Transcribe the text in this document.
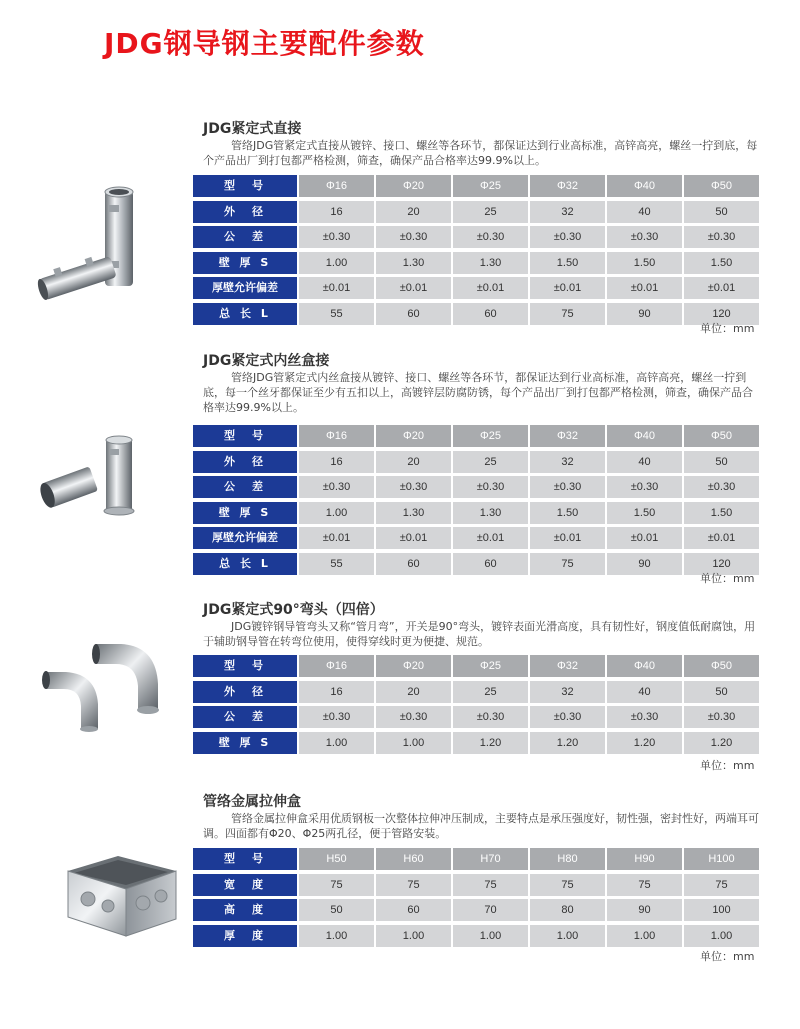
JDG钢导钢主要配件参数
JDG紧定式直接
管络JDG管紧定式直接从镀锌、接口、螺丝等各环节，都保证达到行业高标准，高锌高亮，螺丝一拧到底，每个产品出厂到打包都严格检测，筛查，确保产品合格率达99.9%以上。
型　号	Φ16	Φ20	Φ25	Φ32	Φ40	Φ50
外　径	16	20	25	32	40	50
公　差	±0.30	±0.30	±0.30	±0.30	±0.30	±0.30
壁 厚 S	1.00	1.30	1.30	1.50	1.50	1.50
厚壁允许偏差	±0.01	±0.01	±0.01	±0.01	±0.01	±0.01
总 长 L	55	60	60	75	90	120
单位：mm
JDG紧定式内丝盒接
管络JDG管紧定式内丝盒接从镀锌、接口、螺丝等各环节，都保证达到行业高标准，高锌高亮，螺丝一拧到底，每一个丝牙都保证至少有五扣以上，高镀锌层防腐防锈，每个产品出厂到打包都严格检测，筛查，确保产品合格率达99.9%以上。
型　号	Φ16	Φ20	Φ25	Φ32	Φ40	Φ50
外　径	16	20	25	32	40	50
公　差	±0.30	±0.30	±0.30	±0.30	±0.30	±0.30
壁 厚 S	1.00	1.30	1.30	1.50	1.50	1.50
厚壁允许偏差	±0.01	±0.01	±0.01	±0.01	±0.01	±0.01
总 长 L	55	60	60	75	90	120
单位：mm
JDG紧定式90°弯头（四倍）
JDG镀锌钢导管弯头又称“管月弯”，开关是90°弯头，镀锌表面光滑高度，具有韧性好，钢度值低耐腐蚀，用于辅助钢导管在转弯位使用，使得穿线时更为便捷、规范。
型　号	Φ16	Φ20	Φ25	Φ32	Φ40	Φ50
外　径	16	20	25	32	40	50
公　差	±0.30	±0.30	±0.30	±0.30	±0.30	±0.30
壁 厚 S	1.00	1.00	1.20	1.20	1.20	1.20
单位：mm
管络金属拉伸盒
管络金属拉伸盒采用优质钢板一次整体拉伸冲压制成，主要特点是承压强度好，韧性强，密封性好，两端耳可调。四面都有Φ20、Φ25两孔径，便于管路安装。
型　号	H50	H60	H70	H80	H90	H100
宽　度	75	75	75	75	75	75
高　度	50	60	70	80	90	100
厚　度	1.00	1.00	1.00	1.00	1.00	1.00
单位：mm
